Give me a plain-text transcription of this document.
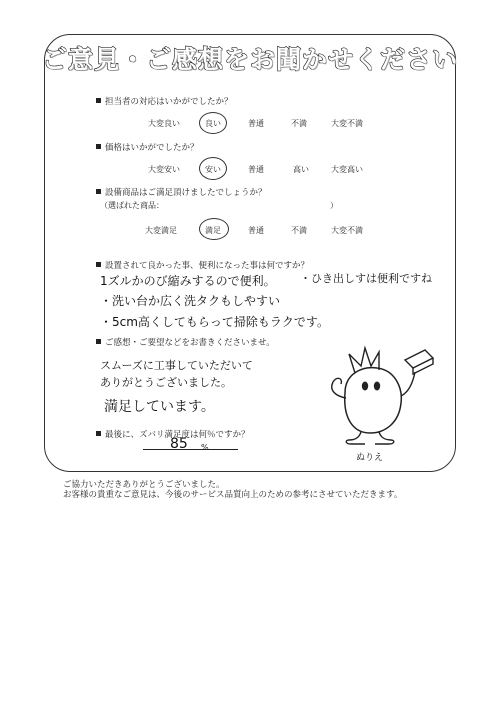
ご意見・ご感想をお聞かせください
担当者の対応はいかがでしたか？
大変良い	良い	普通	不満	大変不満
価格はいかがでしたか？
大変安い	安い	普通	高い	大変高い
設備商品はご満足頂けましたでしょうか？
（選ばれた商品：	）
大変満足	満足	普通	不満	大変不満
設置されて良かった事、便利になった事は何ですか？
1ズルかのび縮みするので便利。 ・ひき出しすは便利ですね
・洗い台か広く洗タクもしやすい
・5cm高くしてもらって掃除もラクです。
ご感想・ご要望などをお書きくださいませ。
スムーズに工事していただいて
ありがとうございました。
満足しています。
最後に、ズバリ満足度は何％ですか？
85 %
ぬりえ
ご協力いただきありがとうございました。
お客様の貴重なご意見は、今後のサービス品質向上のための参考にさせていただきます。
